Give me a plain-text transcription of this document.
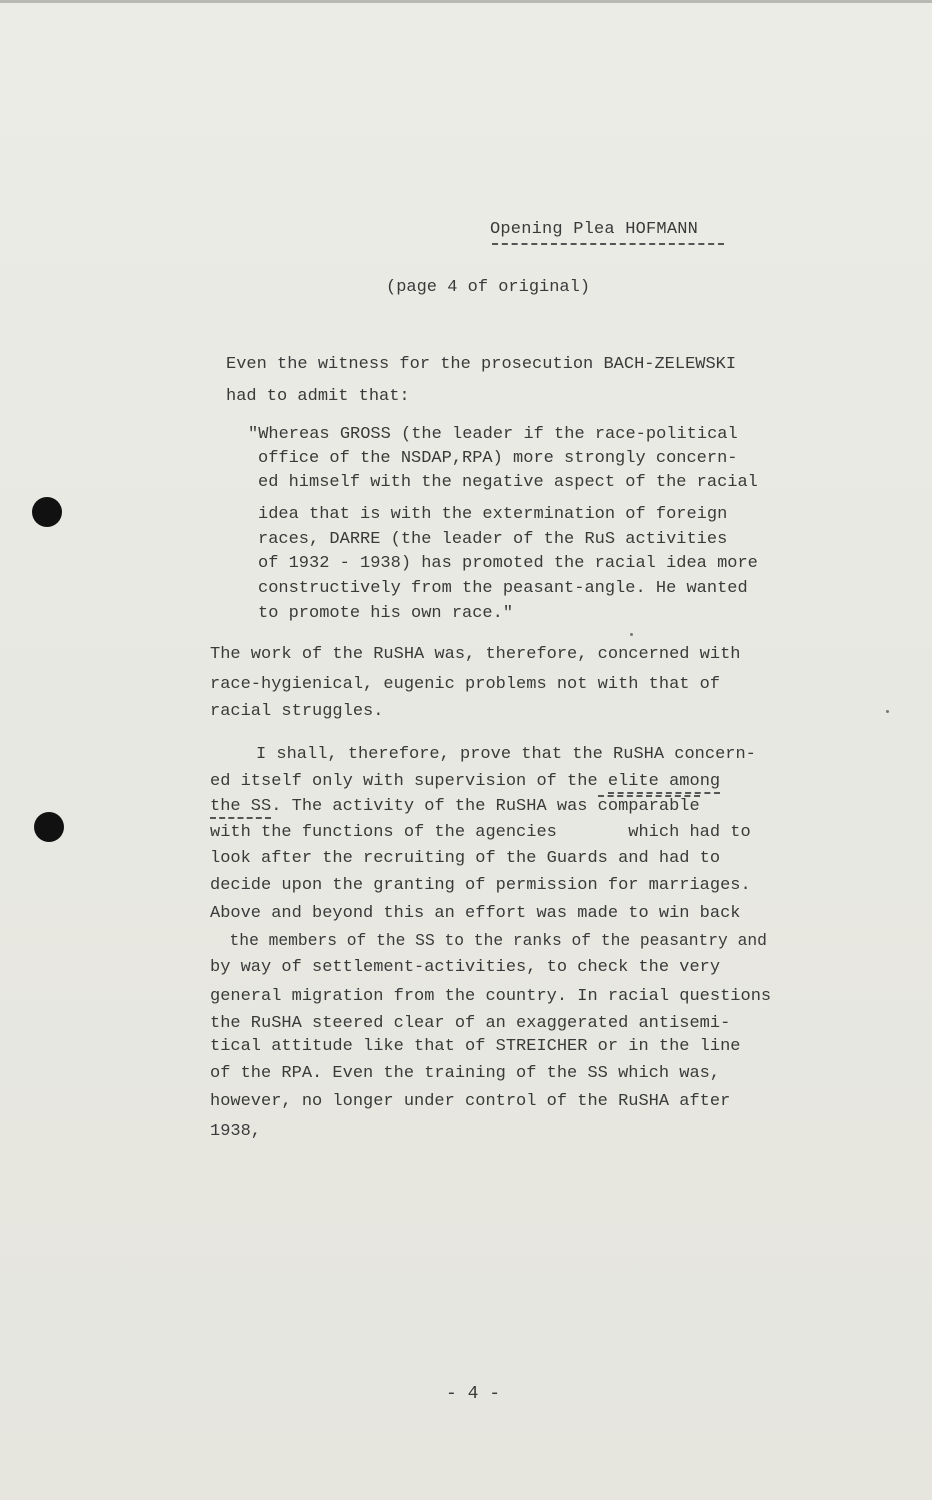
Opening Plea HOFMANN
(page 4 of original)
Even the witness for the prosecution BACH-ZELEWSKI
had to admit that:
"Whereas GROSS (the leader if the race-political
office of the NSDAP,RPA) more strongly concern-
ed himself with the negative aspect of the racial
idea that is with the extermination of foreign
races, DARRE (the leader of the RuS activities
of 1932 - 1938) has promoted the racial idea more
constructively from the peasant-angle. He wanted
to promote his own race."
The work of the RuSHA was, therefore, concerned with
race-hygienical, eugenic problems not with that of
racial struggles.
I shall, therefore, prove that the RuSHA concern-
ed itself only with supervision of the elite among
the SS. The activity of the RuSHA was comparable
with the functions of the agencies       which had to
look after the recruiting of the Guards and had to
decide upon the granting of permission for marriages.
Above and beyond this an effort was made to win back
the members of the SS to the ranks of the peasantry and
by way of settlement-activities, to check the very
general migration from the country. In racial questions
the RuSHA steered clear of an exaggerated antisemi-
tical attitude like that of STREICHER or in the line
of the RPA. Even the training of the SS which was,
however, no longer under control of the RuSHA after
1938,
- 4 -
